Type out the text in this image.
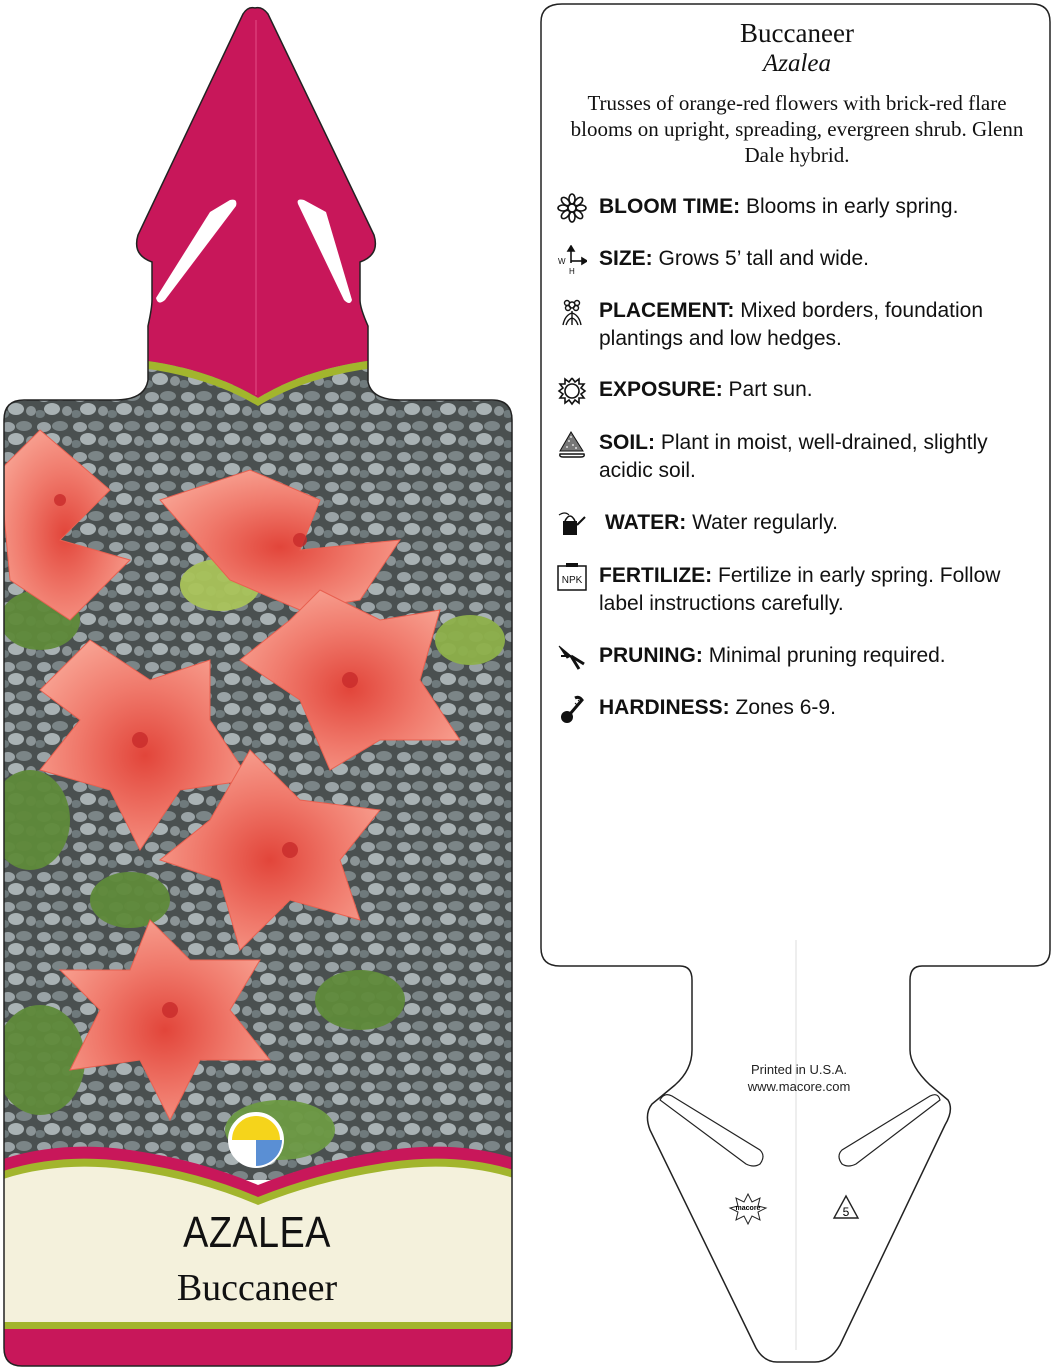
AZALEA
Buccaneer
Buccaneer
Azalea
Trusses of orange-red flowers with brick-red flare blooms on upright, spreading, evergreen shrub. Glenn Dale hybrid.
BLOOM TIME: Blooms in early spring.
W
H
SIZE: Grows 5’ tall and wide.
PLACEMENT: Mixed borders, foundation plantings and low hedges.
EXPOSURE: Part sun.
SOIL: Plant in moist, well-drained, slightly acidic soil.
WATER: Water regularly.
NPK FERTILIZE: Fertilize in early spring. Follow label instructions carefully.
PRUNING: Minimal pruning required.
HARDINESS: Zones 6-9.
Printed in U.S.A.
www.macore.com
macore	5
